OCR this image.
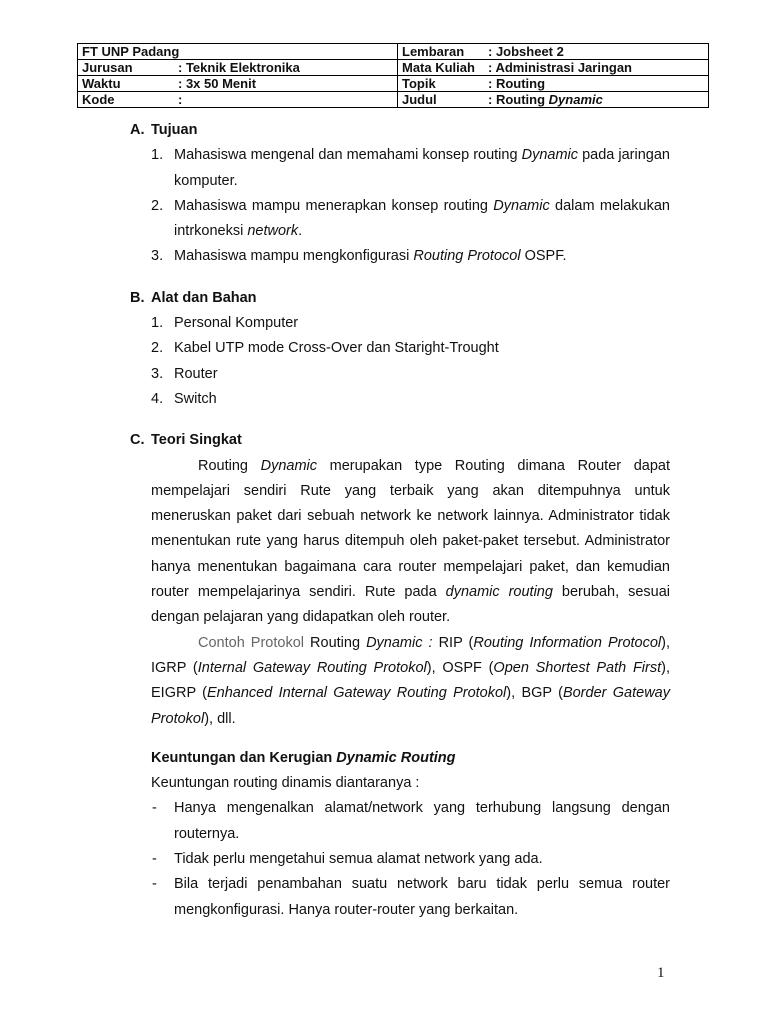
FT UNP Padang	Lembaran : Jobsheet 2
Jurusan : Teknik Elektronika	Mata Kuliah : Administrasi Jaringan
Waktu : 3x 50 Menit	Topik : Routing
Kode :	Judul : Routing Dynamic

A. Tujuan

1. Mahasiswa mengenal dan memahami konsep routing Dynamic pada jaringan komputer.
2. Mahasiswa mampu menerapkan konsep routing Dynamic dalam melakukan intrkoneksi network.
3. Mahasiswa mampu mengkonfigurasi Routing Protocol OSPF.

B. Alat dan Bahan

1. Personal Komputer
2. Kabel UTP mode Cross-Over dan Staright-Trought
3. Router
4. Switch

C. Teori Singkat

Routing Dynamic merupakan type Routing dimana Router dapat mempelajari sendiri Rute yang terbaik yang akan ditempuhnya untuk meneruskan paket dari sebuah network ke network lainnya. Administrator tidak menentukan rute yang harus ditempuh oleh paket-paket tersebut. Administrator hanya menentukan bagaimana cara router mempelajari paket, dan kemudian router mempelajarinya sendiri. Rute pada dynamic routing berubah, sesuai dengan pelajaran yang didapatkan oleh router.

Contoh Protokol Routing Dynamic : RIP (Routing Information Protocol), IGRP (Internal Gateway Routing Protokol), OSPF (Open Shortest Path First), EIGRP (Enhanced Internal Gateway Routing Protokol), BGP (Border Gateway Protokol), dll.

Keuntungan dan Kerugian Dynamic Routing

Keuntungan routing dinamis diantaranya :

- Hanya mengenalkan alamat/network yang terhubung langsung dengan routernya.
- Tidak perlu mengetahui semua alamat network yang ada.
- Bila terjadi penambahan suatu network baru tidak perlu semua router mengkonfigurasi. Hanya router-router yang berkaitan.
1
